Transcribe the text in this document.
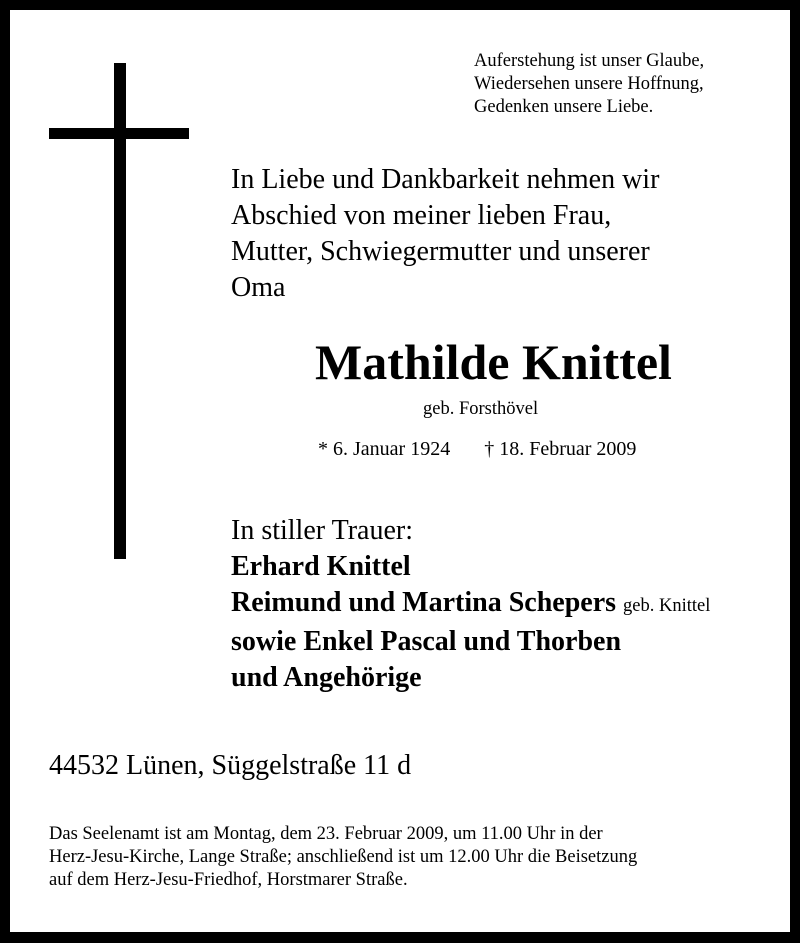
Auferstehung ist unser Glaube,
Wiedersehen unsere Hoffnung,
Gedenken unsere Liebe.
In Liebe und Dankbarkeit nehmen wir
Abschied von meiner lieben Frau,
Mutter, Schwiegermutter und unserer
Oma
Mathilde Knittel
geb. Forsthövel
* 6. Januar 1924 † 18. Februar 2009
In stiller Trauer:
Erhard Knittel
Reimund und Martina Schepers geb. Knittel
sowie Enkel Pascal und Thorben
und Angehörige
44532 Lünen, Süggelstraße 11 d
Das Seelenamt ist am Montag, dem 23. Februar 2009, um 11.00 Uhr in der
Herz-Jesu-Kirche, Lange Straße; anschließend ist um 12.00 Uhr die Beisetzung
auf dem Herz-Jesu-Friedhof, Horstmarer Straße.
